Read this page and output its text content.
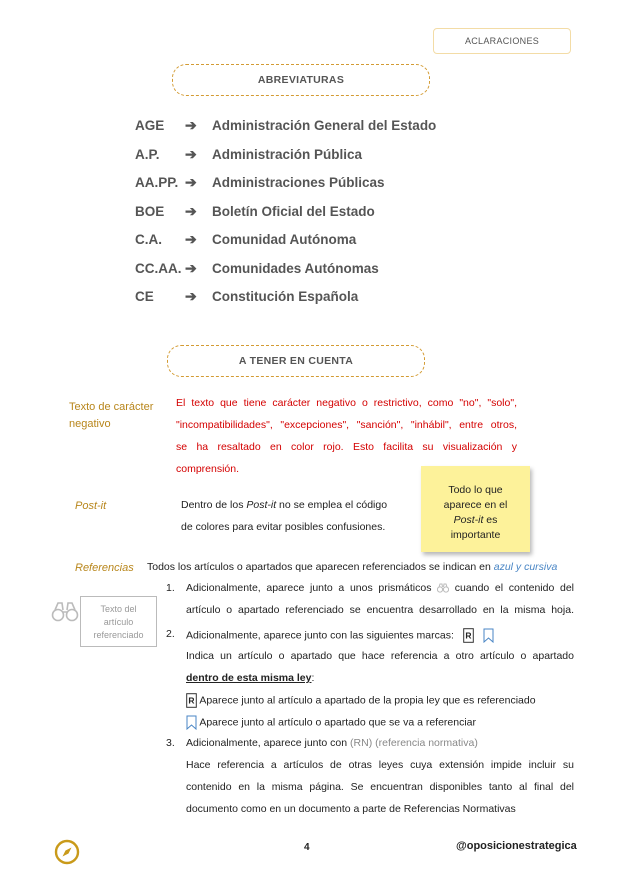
ACLARACIONES
ABREVIATURAS
AGE ➔ Administración General del Estado
A.P. ➔ Administración Pública
AA.PP. ➔ Administraciones Públicas
BOE ➔ Boletín Oficial del Estado
C.A. ➔ Comunidad Autónoma
CC.AA. ➔ Comunidades Autónomas
CE ➔ Constitución Española
A TENER EN CUENTA
Texto de carácter
negativo
El texto que tiene carácter negativo o restrictivo, como "no", "solo",
"incompatibilidades", "excepciones", "sanción", "inhábil", entre otros,
se ha resaltado en color rojo. Esto facilita su visualización y
comprensión.
Post-it	Dentro de los Post-it no se emplea el código
de colores para evitar posibles confusiones.
Todo lo que
aparece en el
Post-it es
importante
Referencias Todos los artículos o apartados que aparecen referenciados se indican en azul y cursiva
Texto del
artículo
referenciado
1. Adicionalmente, aparece junto a unos prismáticos  cuando el contenido del
artículo o apartado referenciado se encuentra desarrollado en la misma hoja.
2. Adicionalmente, aparece junto con las siguientes marcas: R

Indica un artículo o apartado que hace referencia a otro artículo o apartado
dentro de esta misma ley:
R Aparece junto al artículo a apartado de la propia ley que es referenciado
Aparece junto al artículo o apartado que se va a referenciar
3. Adicionalmente, aparece junto con (RN) (referencia normativa)
Hace referencia a artículos de otras leyes cuya extensión impide incluir su
contenido en la misma página. Se encuentran disponibles tanto al final del
documento como en un documento a parte de Referencias Normativas
4	@oposicionestrategica
